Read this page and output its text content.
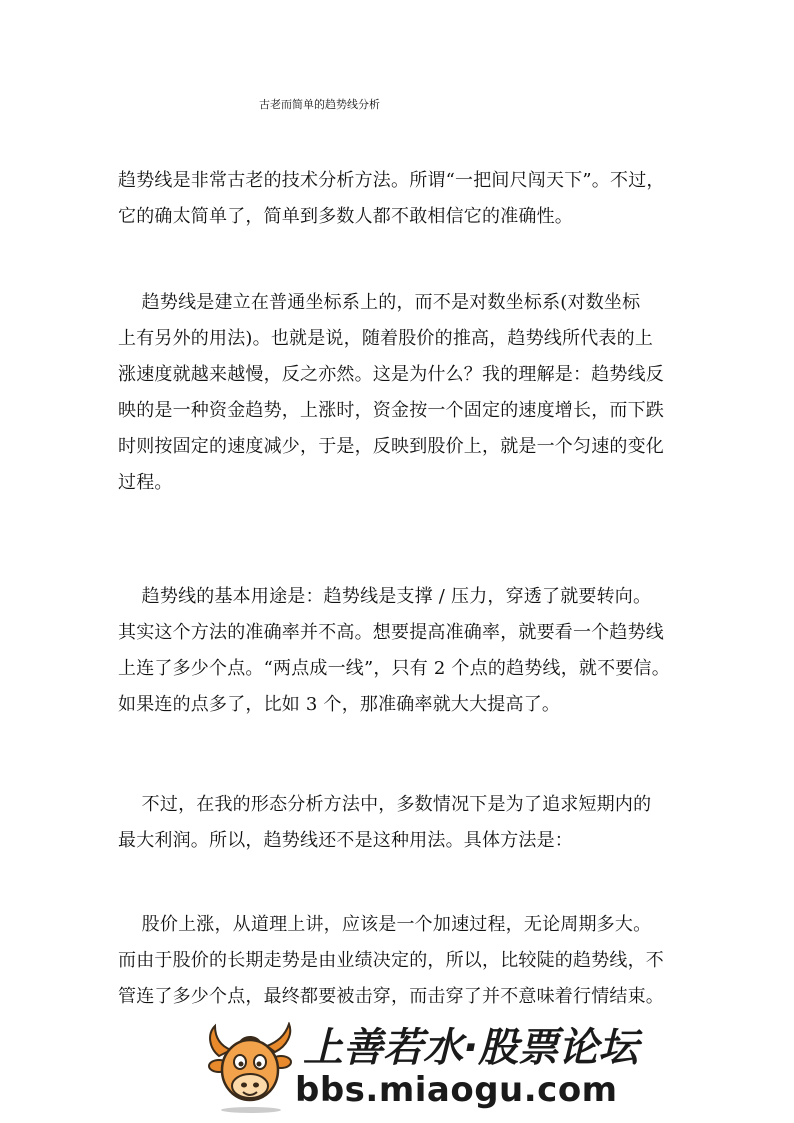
古老而简单的趋势线分析
趋势线是非常古老的技术分析方法。所谓“一把间尺闯天下”。不过，
它的确太简单了，简单到多数人都不敢相信它的准确性。
趋势线是建立在普通坐标系上的，而不是对数坐标系(对数坐标
上有另外的用法)。也就是说，随着股价的推高，趋势线所代表的上
涨速度就越来越慢，反之亦然。这是为什么？我的理解是：趋势线反
映的是一种资金趋势，上涨时，资金按一个固定的速度增长，而下跌
时则按固定的速度减少，于是，反映到股价上，就是一个匀速的变化
过程。
趋势线的基本用途是：趋势线是支撑 / 压力，穿透了就要转向。
其实这个方法的准确率并不高。想要提高准确率，就要看一个趋势线
上连了多少个点。“两点成一线”，只有 2 个点的趋势线，就不要信。
如果连的点多了，比如 3 个，那准确率就大大提高了。
不过，在我的形态分析方法中，多数情况下是为了追求短期内的
最大利润。所以，趋势线还不是这种用法。具体方法是：
股价上涨，从道理上讲，应该是一个加速过程，无论周期多大。
而由于股价的长期走势是由业绩决定的，所以，比较陡的趋势线，不
管连了多少个点，最终都要被击穿，而击穿了并不意味着行情结束。
上善若水·股票论坛
bbs.miaogu.com
